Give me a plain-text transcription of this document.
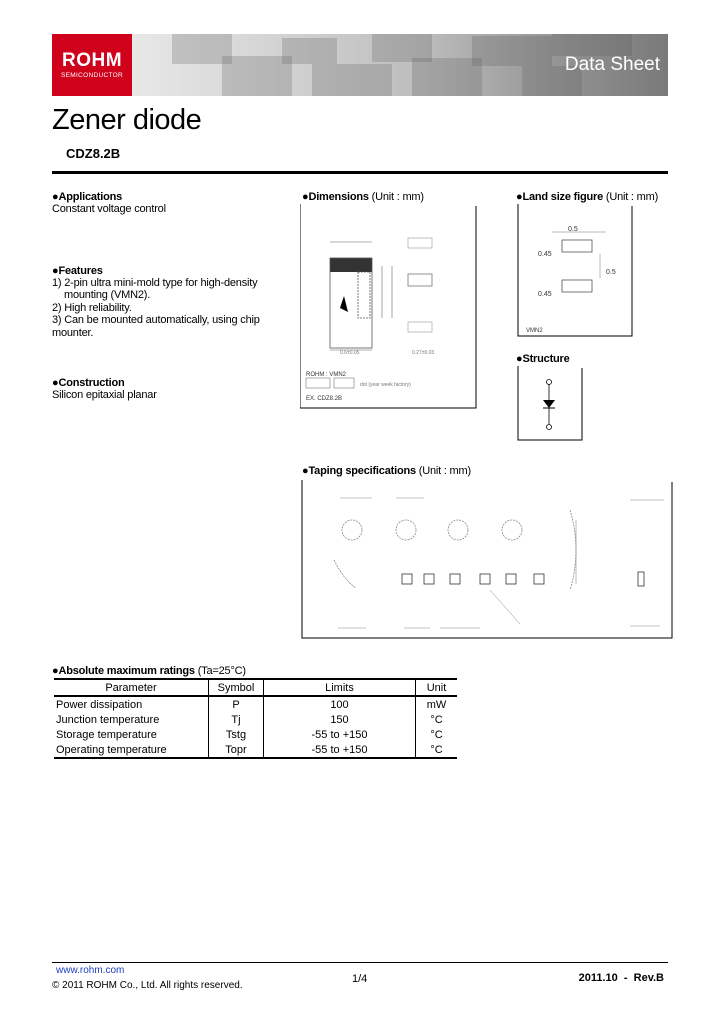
ROHM
SEMICONDUCTOR
Data Sheet
Zener diode
CDZ8.2B
●Applications
Constant voltage control
●Features
1) 2-pin ultra mini-mold type for high-density
mounting (VMN2).
2) High reliability.
3) Can be mounted automatically, using chip
mounter.
●Construction
Silicon epitaxial planar
●Dimensions (Unit : mm)
0.6±0.05	0.27±0.03
dot (year week factory)
ROHM : VMN2
EX. CDZ8.2B
●Land size figure (Unit : mm)
0.5
0.5
0.45
0.45
VMN2
●Structure
●Taping specifications (Unit : mm)
●Absolute maximum ratings (Ta=25°C)
Parameter	Symbol	Limits	Unit
Power dissipation	P	100	mW
Junction temperature	Tj	150	°C
Storage temperature	Tstg	-55 to +150	°C
Operating temperature	Topr	-55 to +150	°C
www.rohm.com
© 2011 ROHM Co., Ltd. All rights reserved.
1/4	2011.10  -  Rev.B
